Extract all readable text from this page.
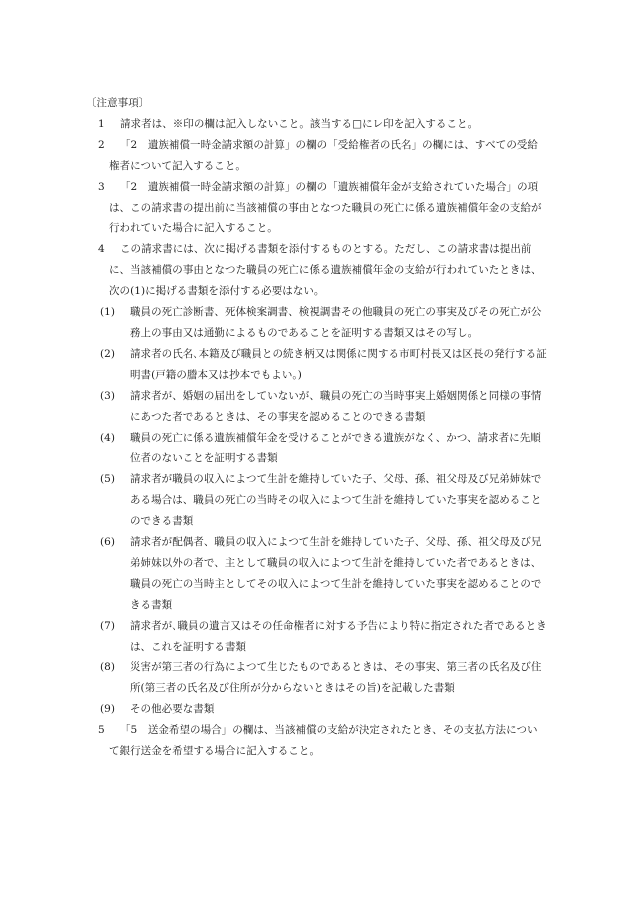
〔注意事項〕

1 請求者は、※印の欄は記入しないこと。該当する□にレ印を記入すること。

2 「2　遺族補償一時金請求額の計算」の欄の「受給権者の氏名」の欄には、すべての受給権者について記入すること。

3 「2　遺族補償一時金請求額の計算」の欄の「遺族補償年金が支給されていた場合」の項は、この請求書の提出前に当該補償の事由となつた職員の死亡に係る遺族補償年金の支給が行われていた場合に記入すること。

4 この請求書には、次に掲げる書類を添付するものとする。ただし、この請求書は提出前に、当該補償の事由となつた職員の死亡に係る遺族補償年金の支給が行われていたときは、次の(1)に掲げる書類を添付する必要はない。

(1) 職員の死亡診断書、死体検案調書、検視調書その他職員の死亡の事実及びその死亡が公務上の事由又は通勤によるものであることを証明する書類又はその写し。

(2) 請求者の氏名､本籍及び職員との続き柄又は関係に関する市町村長又は区長の発行する証明書(戸籍の謄本又は抄本でもよい。)

(3) 請求者が、婚姻の届出をしていないが、職員の死亡の当時事実上婚姻関係と同様の事情にあつた者であるときは、その事実を認めることのできる書類

(4) 職員の死亡に係る遺族補償年金を受けることができる遺族がなく、かつ、請求者に先順位者のないことを証明する書類

(5) 請求者が職員の収入によつて生計を維持していた子、父母、孫、祖父母及び兄弟姉妹である場合は、職員の死亡の当時その収入によつて生計を維持していた事実を認めることのできる書類

(6) 請求者が配偶者、職員の収入によつて生計を維持していた子、父母、孫、祖父母及び兄弟姉妹以外の者で、主として職員の収入によつて生計を維持していた者であるときは、職員の死亡の当時主としてその収入によつて生計を維持していた事実を認めることのできる書類

(7) 請求者が､職員の遺言又はその任命権者に対する予告により特に指定された者であるときは、これを証明する書類

(8) 災害が第三者の行為によつて生じたものであるときは、その事実、第三者の氏名及び住所(第三者の氏名及び住所が分からないときはその旨)を記載した書類

(9) その他必要な書類

5 「5　送金希望の場合」の欄は、当該補償の支給が決定されたとき、その支払方法について銀行送金を希望する場合に記入すること。
